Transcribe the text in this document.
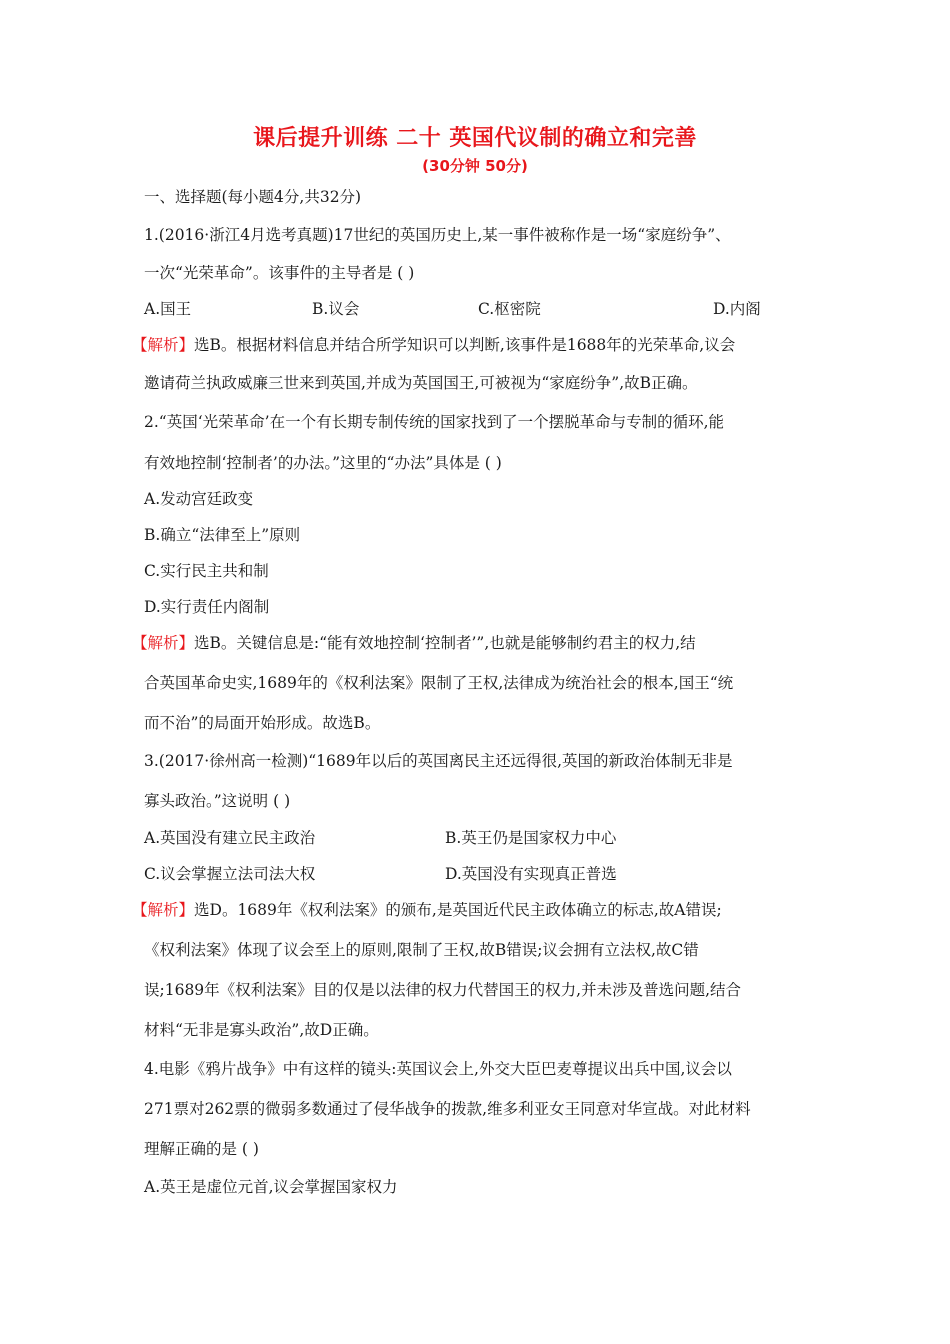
课后提升训练 二十 英国代议制的确立和完善
(30分钟 50分)
一、选择题(每小题4分,共32分)
1.(2016·浙江4月选考真题)17世纪的英国历史上,某一事件被称作是一场“家庭纷争”、
一次“光荣革命”。该事件的主导者是 ( )
A.国王	B.议会	C.枢密院	D.内阁
【解析】选B。根据材料信息并结合所学知识可以判断,该事件是1688年的光荣革命,议会
邀请荷兰执政威廉三世来到英国,并成为英国国王,可被视为“家庭纷争”,故B正确。
2.“英国‘光荣革命’在一个有长期专制传统的国家找到了一个摆脱革命与专制的循环,能
有效地控制‘控制者’的办法。”这里的“办法”具体是 ( )
A.发动宫廷政变
B.确立“法律至上”原则
C.实行民主共和制
D.实行责任内阁制
【解析】选B。关键信息是:“能有效地控制‘控制者’”,也就是能够制约君主的权力,结
合英国革命史实,1689年的《权利法案》限制了王权,法律成为统治社会的根本,国王“统
而不治”的局面开始形成。故选B。
3.(2017·徐州高一检测)“1689年以后的英国离民主还远得很,英国的新政治体制无非是
寡头政治。”这说明 ( )
A.英国没有建立民主政治	B.英王仍是国家权力中心
C.议会掌握立法司法大权	D.英国没有实现真正普选
【解析】选D。1689年《权利法案》的颁布,是英国近代民主政体确立的标志,故A错误;
《权利法案》体现了议会至上的原则,限制了王权,故B错误;议会拥有立法权,故C错
误;1689年《权利法案》目的仅是以法律的权力代替国王的权力,并未涉及普选问题,结合
材料“无非是寡头政治”,故D正确。
4.电影《鸦片战争》中有这样的镜头:英国议会上,外交大臣巴麦尊提议出兵中国,议会以
271票对262票的微弱多数通过了侵华战争的拨款,维多利亚女王同意对华宣战。对此材料
理解正确的是 ( )
A.英王是虚位元首,议会掌握国家权力
